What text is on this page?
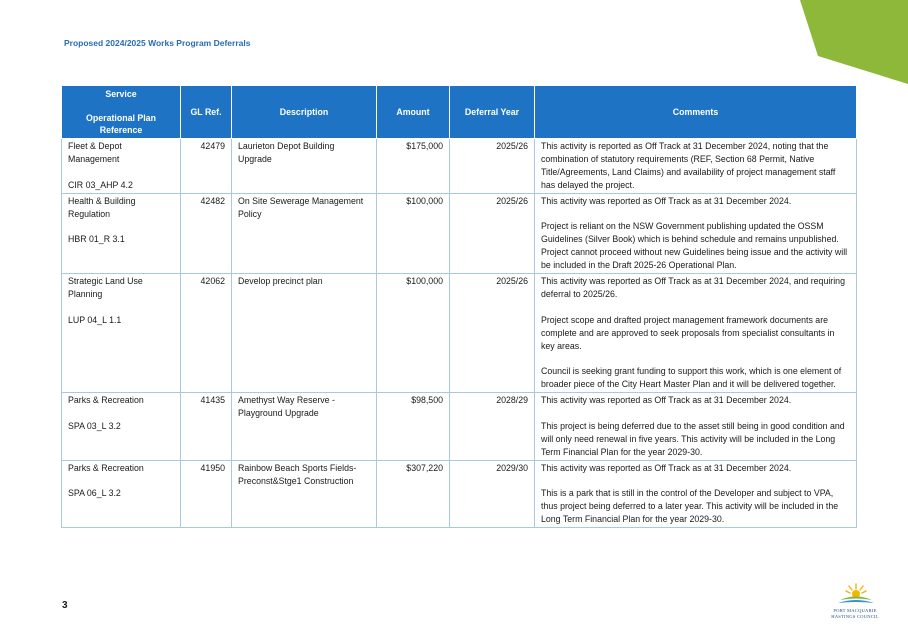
Proposed 2024/2025 Works Program Deferrals
Service
Operational Plan Reference	GL Ref.	Description	Amount	Deferral Year	Comments

Fleet & Depot Management
CIR 03_AHP 4.2	42479	Laurieton Depot Building Upgrade	$175,000	2025/26	This activity is reported as Off Track at 31 December 2024, noting that the combination of statutory requirements (REF, Section 68 Permit, Native Title/Agreements, Land Claims) and availability of project management staff has delayed the project.

Health & Building Regulation
HBR 01_R 3.1	42482	On Site Sewerage Management Policy	$100,000	2025/26	This activity was reported as Off Track as at 31 December 2024.
Project is reliant on the NSW Government publishing updated the OSSM Guidelines (Silver Book) which is behind schedule and remains unpublished. Project cannot proceed without new Guidelines being issue and the activity will be included in the Draft 2025-26 Operational Plan.

Strategic Land Use Planning
LUP 04_L 1.1	42062	Develop precinct plan	$100,000	2025/26	This activity was reported as Off Track as at 31 December 2024, and requiring deferral to 2025/26.
Project scope and drafted project management framework documents are complete and are approved to seek proposals from specialist consultants in key areas.
Council is seeking grant funding to support this work, which is one element of broader piece of the City Heart Master Plan and it will be delivered together.

Parks & Recreation
SPA 03_L 3.2	41435	Amethyst Way Reserve - Playground Upgrade	$98,500	2028/29	This activity was reported as Off Track as at 31 December 2024.
This project is being deferred due to the asset still being in good condition and will only need renewal in five years. This activity will be included in the Long Term Financial Plan for the year 2029-30.

Parks & Recreation
SPA 06_L 3.2	41950	Rainbow Beach Sports Fields- Preconst&Stge1 Construction	$307,220	2029/30	This activity was reported as Off Track as at 31 December 2024.
This is a park that is still in the control of the Developer and subject to VPA, thus project being deferred to a later year. This activity will be included in the Long Term Financial Plan for the year 2029-30.
3	PORT MACQUARIE
HASTINGS COUNCIL
